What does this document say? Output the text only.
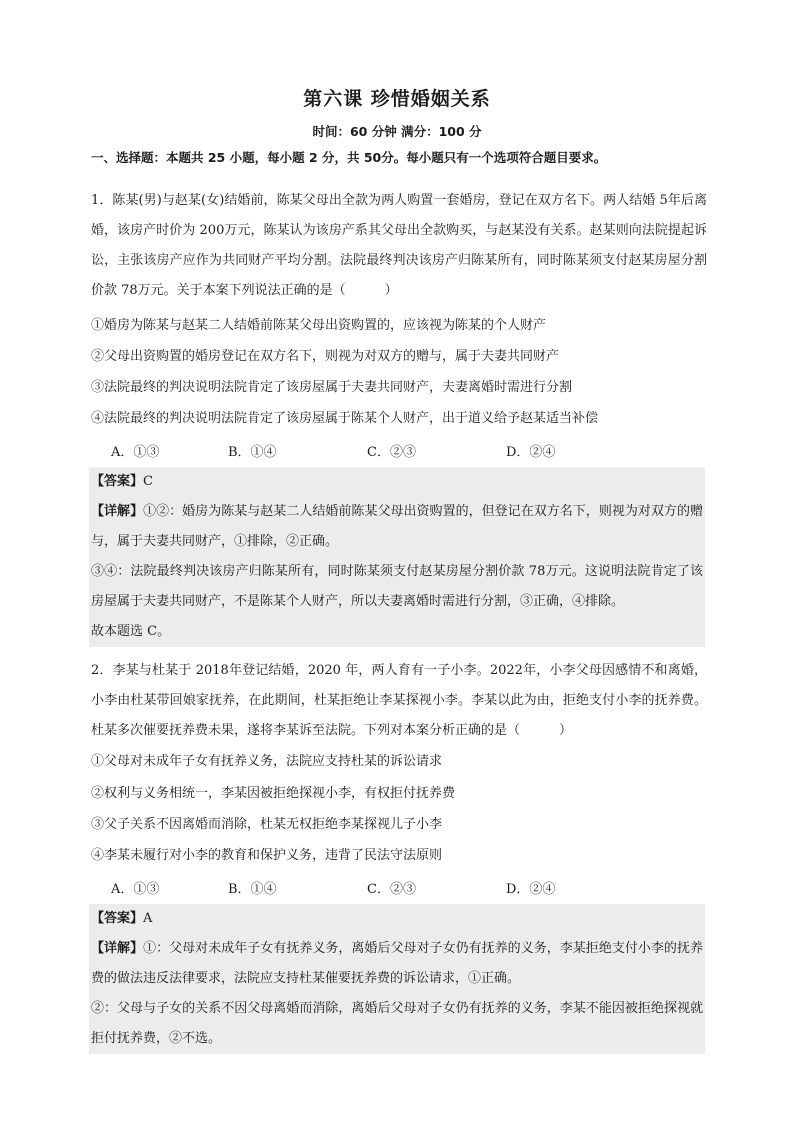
第六课 珍惜婚姻关系
时间：60 分钟 满分：100 分
一、选择题：本题共 25 小题，每小题 2 分，共 50分。每小题只有一个选项符合题目要求。
1．陈某(男)与赵某(女)结婚前，陈某父母出全款为两人购置一套婚房，登记在双方名下。两人结婚 5年后离婚，该房产时价为 200万元，陈某认为该房产系其父母出全款购买，与赵某没有关系。赵某则向法院提起诉讼，主张该房产应作为共同财产平均分割。法院最终判决该房产归陈某所有，同时陈某须支付赵某房屋分割价款 78万元。关于本案下列说法正确的是（　　　）
①婚房为陈某与赵某二人结婚前陈某父母出资购置的，应该视为陈某的个人财产
②父母出资购置的婚房登记在双方名下，则视为对双方的赠与，属于夫妻共同财产
③法院最终的判决说明法院肯定了该房屋属于夫妻共同财产，夫妻离婚时需进行分割
④法院最终的判决说明法院肯定了该房屋属于陈某个人财产，出于道义给予赵某适当补偿
A．①③	B．①④	C．②③	D．②④

【答案】C

【详解】①②：婚房为陈某与赵某二人结婚前陈某父母出资购置的，但登记在双方名下，则视为对双方的赠与，属于夫妻共同财产，①排除，②正确。

③④：法院最终判决该房产归陈某所有，同时陈某须支付赵某房屋分割价款 78万元。这说明法院肯定了该房屋属于夫妻共同财产，不是陈某个人财产，所以夫妻离婚时需进行分割，③正确，④排除。

故本题选 C。

2．李某与杜某于 2018年登记结婚，2020 年，两人育有一子小李。2022年，小李父母因感情不和离婚，小李由杜某带回娘家抚养，在此期间，杜某拒绝让李某探视小李。李某以此为由，拒绝支付小李的抚养费。杜某多次催要抚养费未果，遂将李某诉至法院。下列对本案分析正确的是（　　　）
①父母对未成年子女有抚养义务，法院应支持杜某的诉讼请求
②权利与义务相统一，李某因被拒绝探视小李，有权拒付抚养费
③父子关系不因离婚而消除，杜某无权拒绝李某探视儿子小李
④李某未履行对小李的教育和保护义务，违背了民法守法原则
A．①③	B．①④	C．②③	D．②④

【答案】A

【详解】①：父母对未成年子女有抚养义务，离婚后父母对子女仍有抚养的义务，李某拒绝支付小李的抚养费的做法违反法律要求，法院应支持杜某催要抚养费的诉讼请求，①正确。

②：父母与子女的关系不因父母离婚而消除，离婚后父母对子女仍有抚养的义务，李某不能因被拒绝探视就拒付抚养费，②不选。
